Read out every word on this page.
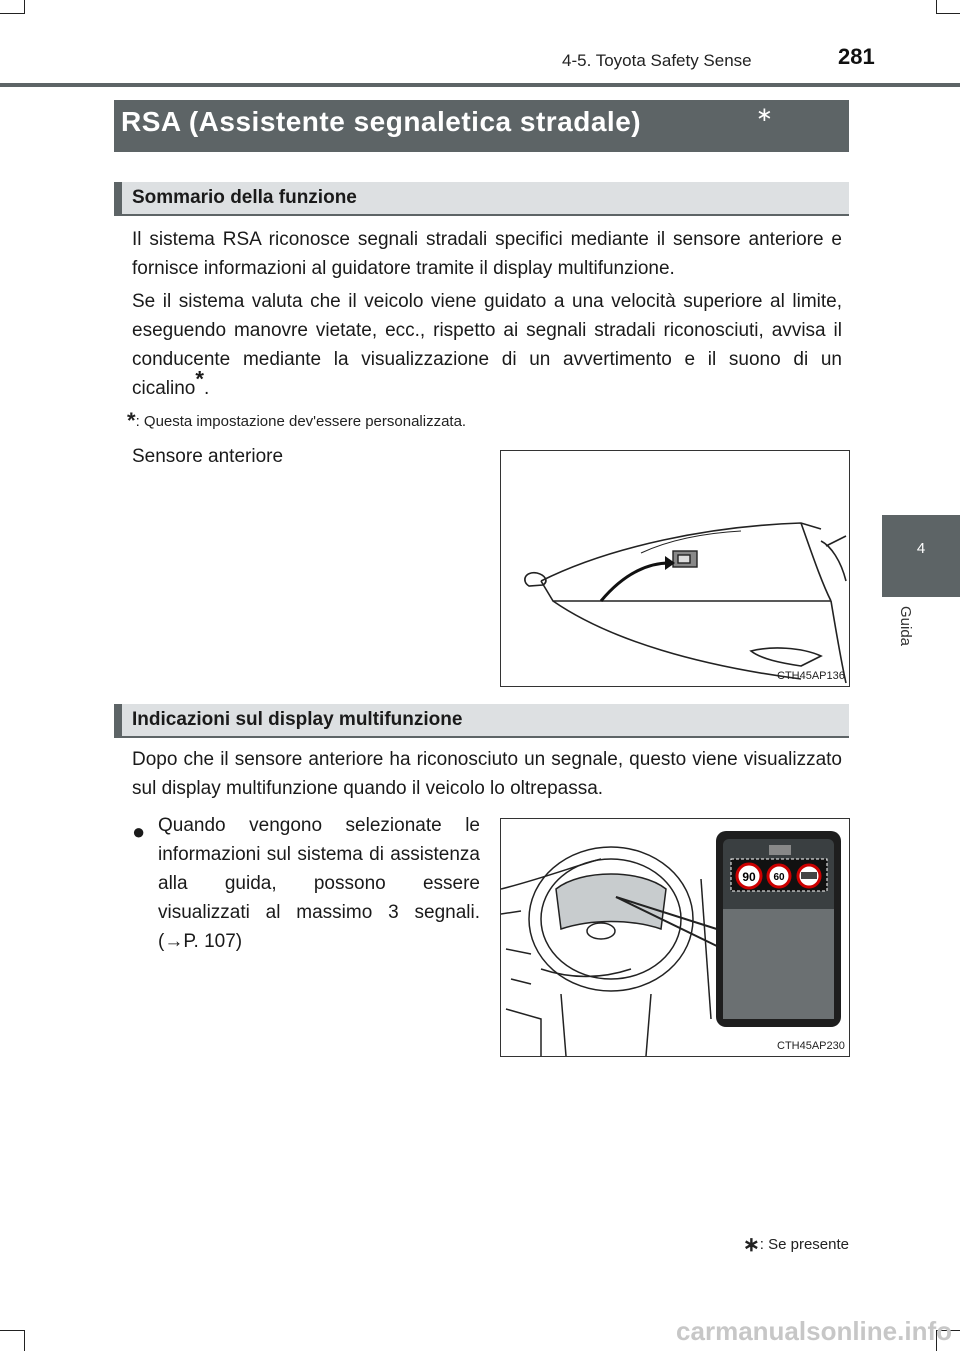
4-5. Toyota Safety Sense	281
4
Guida
RSA (Assistente segnaletica stradale)	∗
Sommario della funzione

Il sistema RSA riconosce segnali stradali specifici mediante il sensore anteriore e fornisce informazioni al guidatore tramite il display multifunzione.

Se il sistema valuta che il veicolo viene guidato a una velocità superiore al limite, eseguendo manovre vietate, ecc., rispetto ai segnali stradali riconosciuti, avvisa il conducente mediante la visualizzazione di un avvertimento e il suono di un cicalino*.

*: Questa impostazione dev'essere personalizzata.
Sensore anteriore
CTH45AP136
Indicazioni sul display multifunzione

Dopo che il sensore anteriore ha riconosciuto un segnale, questo viene visualizzato sul display multifunzione quando il veicolo lo oltrepassa.

● Quando vengono selezionate le informazioni sul sistema di assistenza alla guida, possono essere visualizzati al massimo 3 segnali. (→P. 107)

90 60
CTH45AP230
∗: Se presente
carmanualsonline.info
